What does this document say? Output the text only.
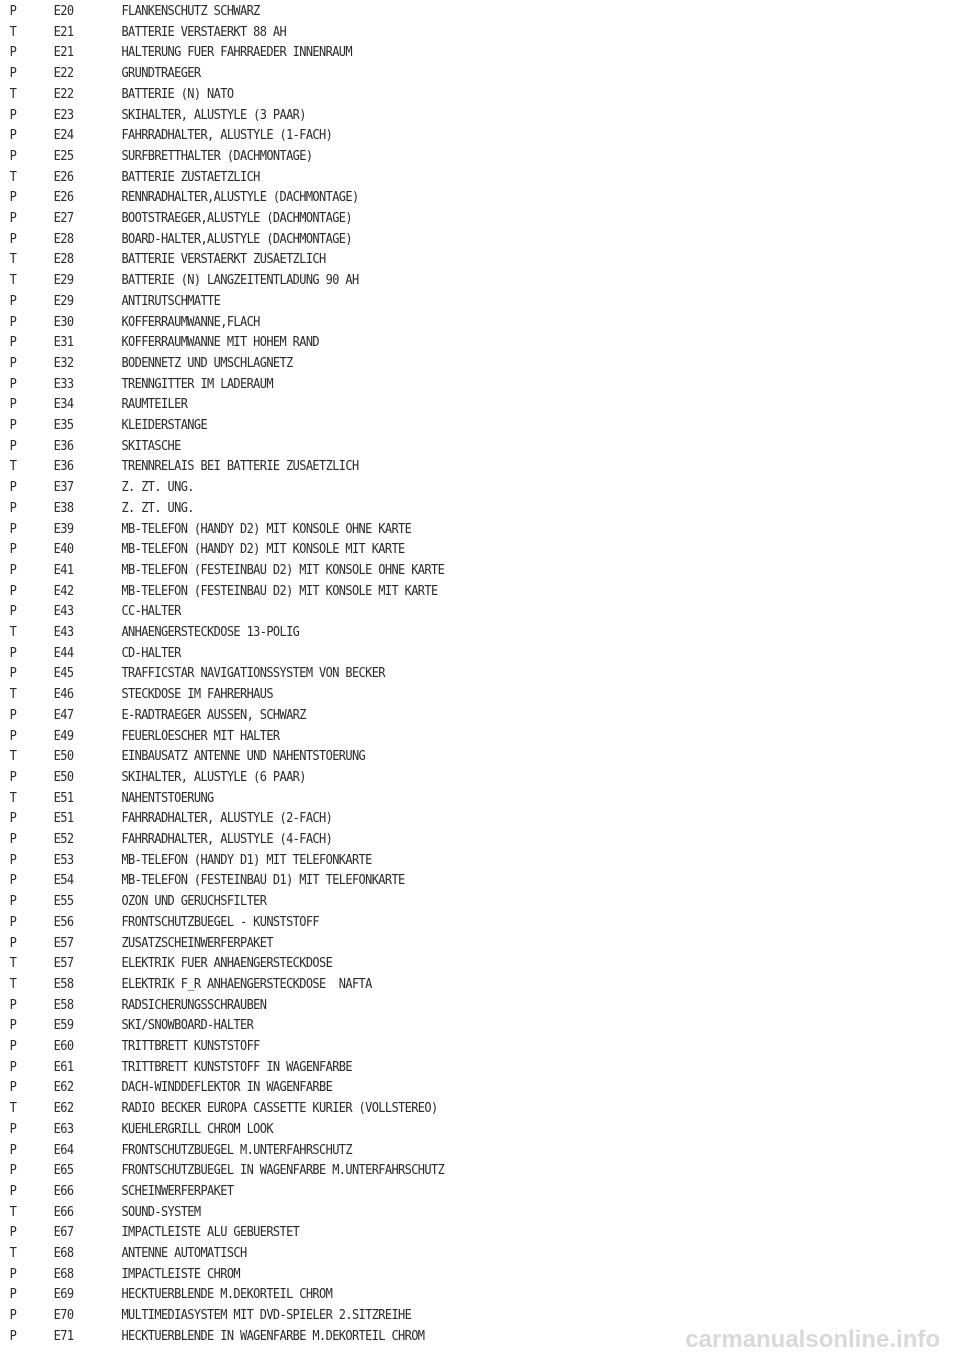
P	E20	FLANKENSCHUTZ SCHWARZ
T	E21	BATTERIE VERSTAERKT 88 AH
P	E21	HALTERUNG FUER FAHRRAEDER INNENRAUM
P	E22	GRUNDTRAEGER
T	E22	BATTERIE (N) NATO
P	E23	SKIHALTER, ALUSTYLE (3 PAAR)
P	E24	FAHRRADHALTER, ALUSTYLE (1-FACH)
P	E25	SURFBRETTHALTER (DACHMONTAGE)
T	E26	BATTERIE ZUSTAETZLICH
P	E26	RENNRADHALTER,ALUSTYLE (DACHMONTAGE)
P	E27	BOOTSTRAEGER,ALUSTYLE (DACHMONTAGE)
P	E28	BOARD-HALTER,ALUSTYLE (DACHMONTAGE)
T	E28	BATTERIE VERSTAERKT ZUSAETZLICH
T	E29	BATTERIE (N) LANGZEITENTLADUNG 90 AH
P	E29	ANTIRUTSCHMATTE
P	E30	KOFFERRAUMWANNE,FLACH
P	E31	KOFFERRAUMWANNE MIT HOHEM RAND
P	E32	BODENNETZ UND UMSCHLAGNETZ
P	E33	TRENNGITTER IM LADERAUM
P	E34	RAUMTEILER
P	E35	KLEIDERSTANGE
P	E36	SKITASCHE
T	E36	TRENNRELAIS BEI BATTERIE ZUSAETZLICH
P	E37	Z. ZT. UNG.
P	E38	Z. ZT. UNG.
P	E39	MB-TELEFON (HANDY D2) MIT KONSOLE OHNE KARTE
P	E40	MB-TELEFON (HANDY D2) MIT KONSOLE MIT KARTE
P	E41	MB-TELEFON (FESTEINBAU D2) MIT KONSOLE OHNE KARTE
P	E42	MB-TELEFON (FESTEINBAU D2) MIT KONSOLE MIT KARTE
P	E43	CC-HALTER
T	E43	ANHAENGERSTECKDOSE 13-POLIG
P	E44	CD-HALTER
P	E45	TRAFFICSTAR NAVIGATIONSSYSTEM VON BECKER
T	E46	STECKDOSE IM FAHRERHAUS
P	E47	E-RADTRAEGER AUSSEN, SCHWARZ
P	E49	FEUERLOESCHER MIT HALTER
T	E50	EINBAUSATZ ANTENNE UND NAHENTSTOERUNG
P	E50	SKIHALTER, ALUSTYLE (6 PAAR)
T	E51	NAHENTSTOERUNG
P	E51	FAHRRADHALTER, ALUSTYLE (2-FACH)
P	E52	FAHRRADHALTER, ALUSTYLE (4-FACH)
P	E53	MB-TELEFON (HANDY D1) MIT TELEFONKARTE
P	E54	MB-TELEFON (FESTEINBAU D1) MIT TELEFONKARTE
P	E55	OZON UND GERUCHSFILTER
P	E56	FRONTSCHUTZBUEGEL - KUNSTSTOFF
P	E57	ZUSATZSCHEINWERFERPAKET
T	E57	ELEKTRIK FUER ANHAENGERSTECKDOSE
T	E58	ELEKTRIK F_R ANHAENGERSTECKDOSE  NAFTA
P	E58	RADSICHERUNGSSCHRAUBEN
P	E59	SKI/SNOWBOARD-HALTER
P	E60	TRITTBRETT KUNSTSTOFF
P	E61	TRITTBRETT KUNSTSTOFF IN WAGENFARBE
P	E62	DACH-WINDDEFLEKTOR IN WAGENFARBE
T	E62	RADIO BECKER EUROPA CASSETTE KURIER (VOLLSTEREO)
P	E63	KUEHLERGRILL CHROM LOOK
P	E64	FRONTSCHUTZBUEGEL M.UNTERFAHRSCHUTZ
P	E65	FRONTSCHUTZBUEGEL IN WAGENFARBE M.UNTERFAHRSCHUTZ
P	E66	SCHEINWERFERPAKET
T	E66	SOUND-SYSTEM
P	E67	IMPACTLEISTE ALU GEBUERSTET
T	E68	ANTENNE AUTOMATISCH
P	E68	IMPACTLEISTE CHROM
P	E69	HECKTUERBLENDE M.DEKORTEIL CHROM
P	E70	MULTIMEDIASYSTEM MIT DVD-SPIELER 2.SITZREIHE
P	E71	HECKTUERBLENDE IN WAGENFARBE M.DEKORTEIL CHROM	carmanualsonline.info
